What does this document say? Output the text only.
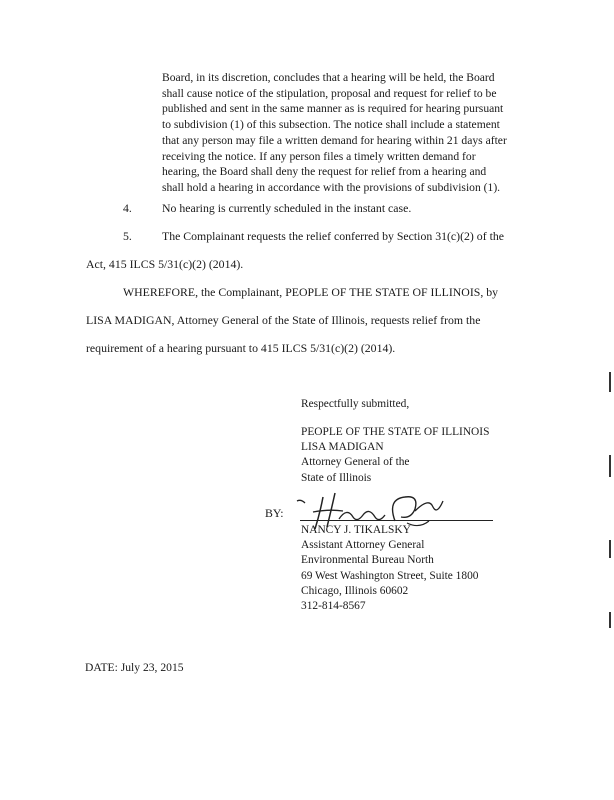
Board, in its discretion, concludes that a hearing will be held, the Board
shall cause notice of the stipulation, proposal and request for relief to be
published and sent in the same manner as is required for hearing pursuant
to subdivision (1) of this subsection. The notice shall include a statement
that any person may file a written demand for hearing within 21 days after
receiving the notice. If any person files a timely written demand for
hearing, the Board shall deny the request for relief from a hearing and
shall hold a hearing in accordance with the provisions of subdivision (1).
4.	No hearing is currently scheduled in the instant case.
5.	The Complainant requests the relief conferred by Section 31(c)(2) of the
Act, 415 ILCS 5/31(c)(2) (2014).
WHEREFORE, the Complainant, PEOPLE OF THE STATE OF ILLINOIS, by
LISA MADIGAN, Attorney General of the State of Illinois, requests relief from the
requirement of a hearing pursuant to 415 ILCS 5/31(c)(2) (2014).
Respectfully submitted,
PEOPLE OF THE STATE OF ILLINOIS
LISA MADIGAN
Attorney General of the
State of Illinois
BY:
NANCY J. TIKALSKY
Assistant Attorney General
Environmental Bureau North
69 West Washington Street, Suite 1800
Chicago, Illinois 60602
312-814-8567
DATE: July 23, 2015
